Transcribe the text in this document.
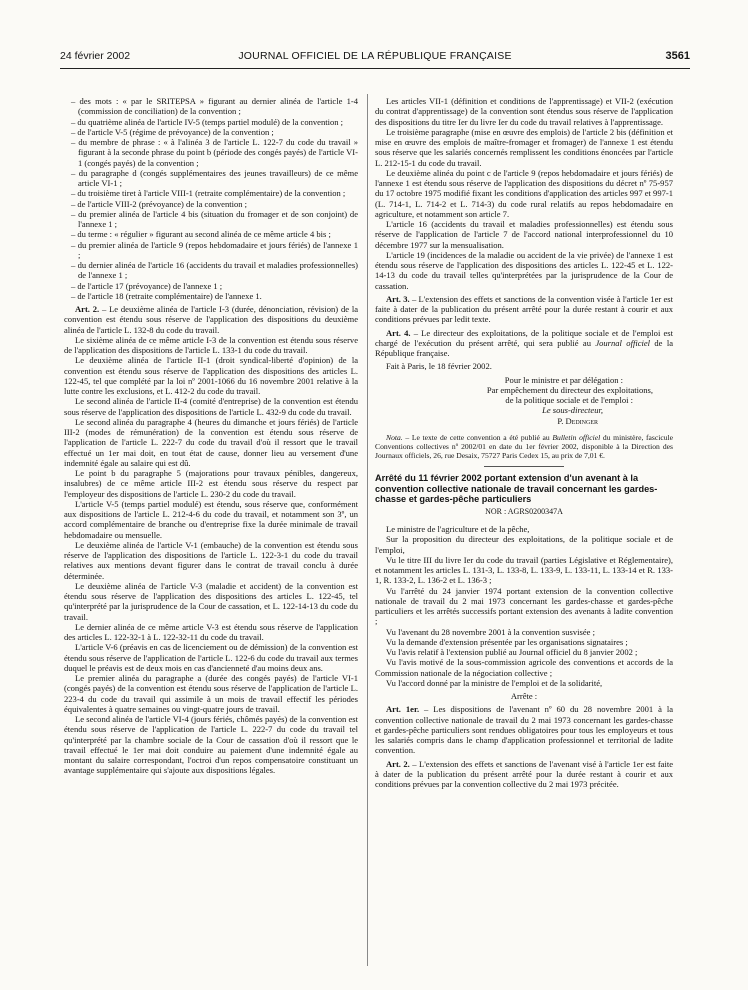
24 février 2002	JOURNAL OFFICIEL DE LA RÉPUBLIQUE FRANÇAISE	3561

– des mots : « par le SRITEPSA » figurant au dernier alinéa de l'article 1-4 (commission de conciliation) de la convention ;

– du quatrième alinéa de l'article IV-5 (temps partiel modulé) de la convention ;

– de l'article V-5 (régime de prévoyance) de la convention ;

– du membre de phrase : « à l'alinéa 3 de l'article L. 122-7 du code du travail » figurant à la seconde phrase du point b (période des congés payés) de l'article VI-1 (congés payés) de la convention ;

– du paragraphe d (congés supplémentaires des jeunes travailleurs) de ce même article VI-1 ;

– du troisième tiret à l'article VIII-1 (retraite complémentaire) de la convention ;

– de l'article VIII-2 (prévoyance) de la convention ;

– du premier alinéa de l'article 4 bis (situation du fromager et de son conjoint) de l'annexe 1 ;

– du terme : « régulier » figurant au second alinéa de ce même article 4 bis ;

– du premier alinéa de l'article 9 (repos hebdomadaire et jours fériés) de l'annexe 1 ;

– du dernier alinéa de l'article 16 (accidents du travail et maladies professionnelles) de l'annexe 1 ;

– de l'article 17 (prévoyance) de l'annexe 1 ;

– de l'article 18 (retraite complémentaire) de l'annexe 1.

Art. 2. – Le deuxième alinéa de l'article I-3 (durée, dénonciation, révision) de la convention est étendu sous réserve de l'application des dispositions du deuxième alinéa de l'article L. 132-8 du code du travail.

Le sixième alinéa de ce même article I-3 de la convention est étendu sous réserve de l'application des dispositions de l'article L. 133-1 du code du travail.

Le deuxième alinéa de l'article II-1 (droit syndical-liberté d'opinion) de la convention est étendu sous réserve de l'application des dispositions des articles L. 122-45, tel que complété par la loi nº 2001-1066 du 16 novembre 2001 relative à la lutte contre les exclusions, et L. 412-2 du code du travail.

Le second alinéa de l'article II-4 (comité d'entreprise) de la convention est étendu sous réserve de l'application des dispositions de l'article L. 432-9 du code du travail.

Le second alinéa du paragraphe 4 (heures du dimanche et jours fériés) de l'article III-2 (modes de rémunération) de la convention est étendu sous réserve de l'application de l'article L. 222-7 du code du travail d'où il ressort que le travail effectué un 1er mai doit, en tout état de cause, donner lieu au versement d'une indemnité égale au salaire qui est dû.

Le point b du paragraphe 5 (majorations pour travaux pénibles, dangereux, insalubres) de ce même article III-2 est étendu sous réserve du respect par l'employeur des dispositions de l'article L. 230-2 du code du travail.

L'article V-5 (temps partiel modulé) est étendu, sous réserve que, conformément aux dispositions de l'article L. 212-4-6 du code du travail, et notamment son 3º, un accord complémentaire de branche ou d'entreprise fixe la durée minimale de travail hebdomadaire ou mensuelle.

Le deuxième alinéa de l'article V-1 (embauche) de la convention est étendu sous réserve de l'application des dispositions de l'article L. 122-3-1 du code du travail relatives aux mentions devant figurer dans le contrat de travail conclu à durée déterminée.

Le deuxième alinéa de l'article V-3 (maladie et accident) de la convention est étendu sous réserve de l'application des dispositions des articles L. 122-45, tel qu'interprété par la jurisprudence de la Cour de cassation, et L. 122-14-13 du code du travail.

Le dernier alinéa de ce même article V-3 est étendu sous réserve de l'application des articles L. 122-32-1 à L. 122-32-11 du code du travail.

L'article V-6 (préavis en cas de licenciement ou de démission) de la convention est étendu sous réserve de l'application de l'article L. 122-6 du code du travail aux termes duquel le préavis est de deux mois en cas d'ancienneté d'au moins deux ans.

Le premier alinéa du paragraphe a (durée des congés payés) de l'article VI-1 (congés payés) de la convention est étendu sous réserve de l'application de l'article L. 223-4 du code du travail qui assimile à un mois de travail effectif les périodes équivalentes à quatre semaines ou vingt-quatre jours de travail.

Le second alinéa de l'article VI-4 (jours fériés, chômés payés) de la convention est étendu sous réserve de l'application de l'article L. 222-7 du code du travail tel qu'interprété par la chambre sociale de la Cour de cassation d'où il ressort que le travail effectué le 1er mai doit conduire au paiement d'une indemnité égale au montant du salaire correspondant, l'octroi d'un repos compensatoire constituant un avantage supplémentaire qui s'ajoute aux dispositions légales.

Les articles VII-1 (définition et conditions de l'apprentissage) et VII-2 (exécution du contrat d'apprentissage) de la convention sont étendus sous réserve de l'application des dispositions du titre Ier du livre Ier du code du travail relatives à l'apprentissage.

Le troisième paragraphe (mise en œuvre des emplois) de l'article 2 bis (définition et mise en œuvre des emplois de maître-fromager et fromager) de l'annexe 1 est étendu sous réserve que les salariés concernés remplissent les conditions énoncées par l'article L. 212-15-1 du code du travail.

Le deuxième alinéa du point c de l'article 9 (repos hebdomadaire et jours fériés) de l'annexe 1 est étendu sous réserve de l'application des dispositions du décret nº 75-957 du 17 octobre 1975 modifié fixant les conditions d'application des articles 997 et 997-1 (L. 714-1, L. 714-2 et L. 714-3) du code rural relatifs au repos hebdomadaire en agriculture, et notamment son article 7.

L'article 16 (accidents du travail et maladies professionnelles) est étendu sous réserve de l'application de l'article 7 de l'accord national interprofessionnel du 10 décembre 1977 sur la mensualisation.

L'article 19 (incidences de la maladie ou accident de la vie privée) de l'annexe 1 est étendu sous réserve de l'application des dispositions des articles L. 122-45 et L. 122-14-13 du code du travail telles qu'interprétées par la jurisprudence de la Cour de cassation.

Art. 3. – L'extension des effets et sanctions de la convention visée à l'article 1er est faite à dater de la publication du présent arrêté pour la durée restant à courir et aux conditions prévues par ledit texte.

Art. 4. – Le directeur des exploitations, de la politique sociale et de l'emploi est chargé de l'exécution du présent arrêté, qui sera publié au Journal officiel de la République française.

Fait à Paris, le 18 février 2002.

Pour le ministre et par délégation :

Par empêchement du directeur des exploitations,

de la politique sociale et de l'emploi :

Le sous-directeur,

P. Dedinger

Nota. – Le texte de cette convention a été publié au Bulletin officiel du ministère, fascicule Conventions collectives nº 2002/01 en date du 1er février 2002, disponible à la Direction des Journaux officiels, 26, rue Desaix, 75727 Paris Cedex 15, au prix de 7,01 €.

Arrêté du 11 février 2002 portant extension d'un avenant à la convention collective nationale de travail concernant les gardes-chasse et gardes-pêche particuliers

NOR : AGRS0200347A

Le ministre de l'agriculture et de la pêche,

Sur la proposition du directeur des exploitations, de la politique sociale et de l'emploi,

Vu le titre III du livre Ier du code du travail (parties Législative et Réglementaire), et notamment les articles L. 131-3, L. 133-8, L. 133-9, L. 133-11, L. 133-14 et R. 133-1, R. 133-2, L. 136-2 et L. 136-3 ;

Vu l'arrêté du 24 janvier 1974 portant extension de la convention collective nationale de travail du 2 mai 1973 concernant les gardes-chasse et gardes-pêche particuliers et les arrêtés successifs portant extension des avenants à ladite convention ;

Vu l'avenant du 28 novembre 2001 à la convention susvisée ;

Vu la demande d'extension présentée par les organisations signataires ;

Vu l'avis relatif à l'extension publié au Journal officiel du 8 janvier 2002 ;

Vu l'avis motivé de la sous-commission agricole des conventions et accords de la Commission nationale de la négociation collective ;

Vu l'accord donné par la ministre de l'emploi et de la solidarité,

Arrête :

Art. 1er. – Les dispositions de l'avenant nº 60 du 28 novembre 2001 à la convention collective nationale de travail du 2 mai 1973 concernant les gardes-chasse et gardes-pêche particuliers sont rendues obligatoires pour tous les employeurs et tous les salariés compris dans le champ d'application professionnel et territorial de ladite convention.

Art. 2. – L'extension des effets et sanctions de l'avenant visé à l'article 1er est faite à dater de la publication du présent arrêté pour la durée restant à courir et aux conditions prévues par la convention collective du 2 mai 1973 précitée.
